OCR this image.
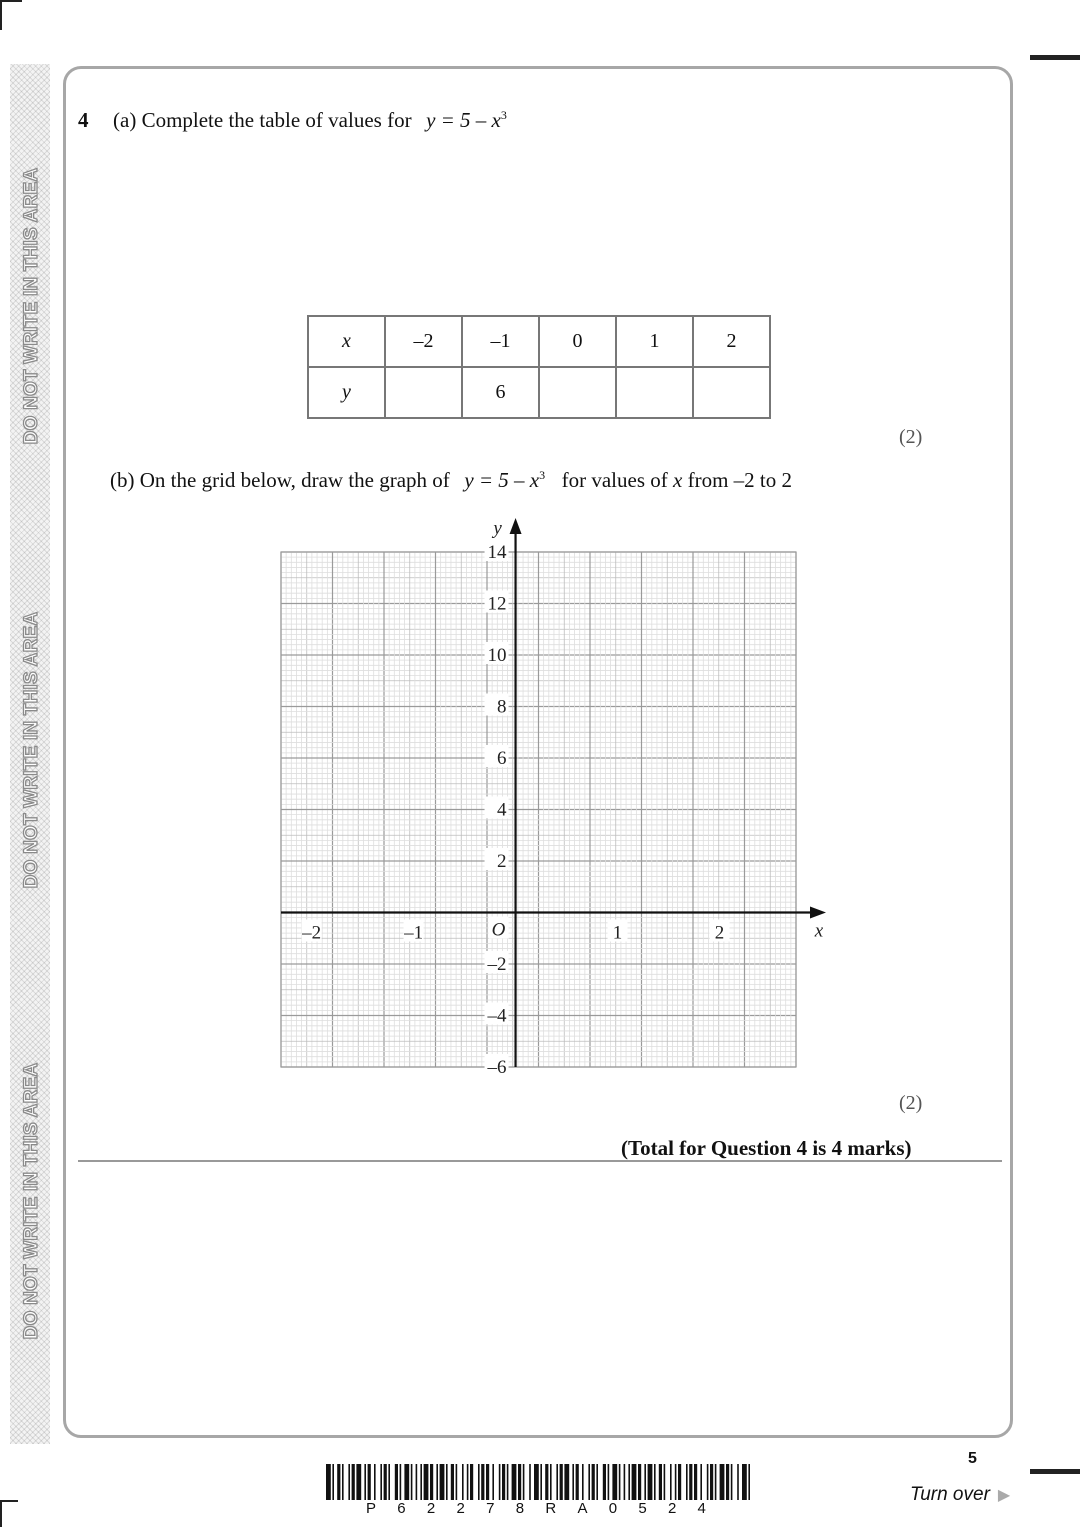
DO NOT WRITE IN THIS AREA
DO NOT WRITE IN THIS AREA
DO NOT WRITE IN THIS AREA
4 (a) Complete the table of values for $y = 5 - x^3$
x	–2	–1	0	1	2
y		6			
(2)
(b) On the grid below, draw the graph of $y = 5 - x^3$ for values of x from –2 to 2
14
12
10
8
6
4
2
–2
–4
–6
–2	–1	1	2
O	x
y
(2)
(Total for Question 4 is 4 marks)
P 6 2 2 7 8 R A 0 5 2 4
5
Turn over ▶
